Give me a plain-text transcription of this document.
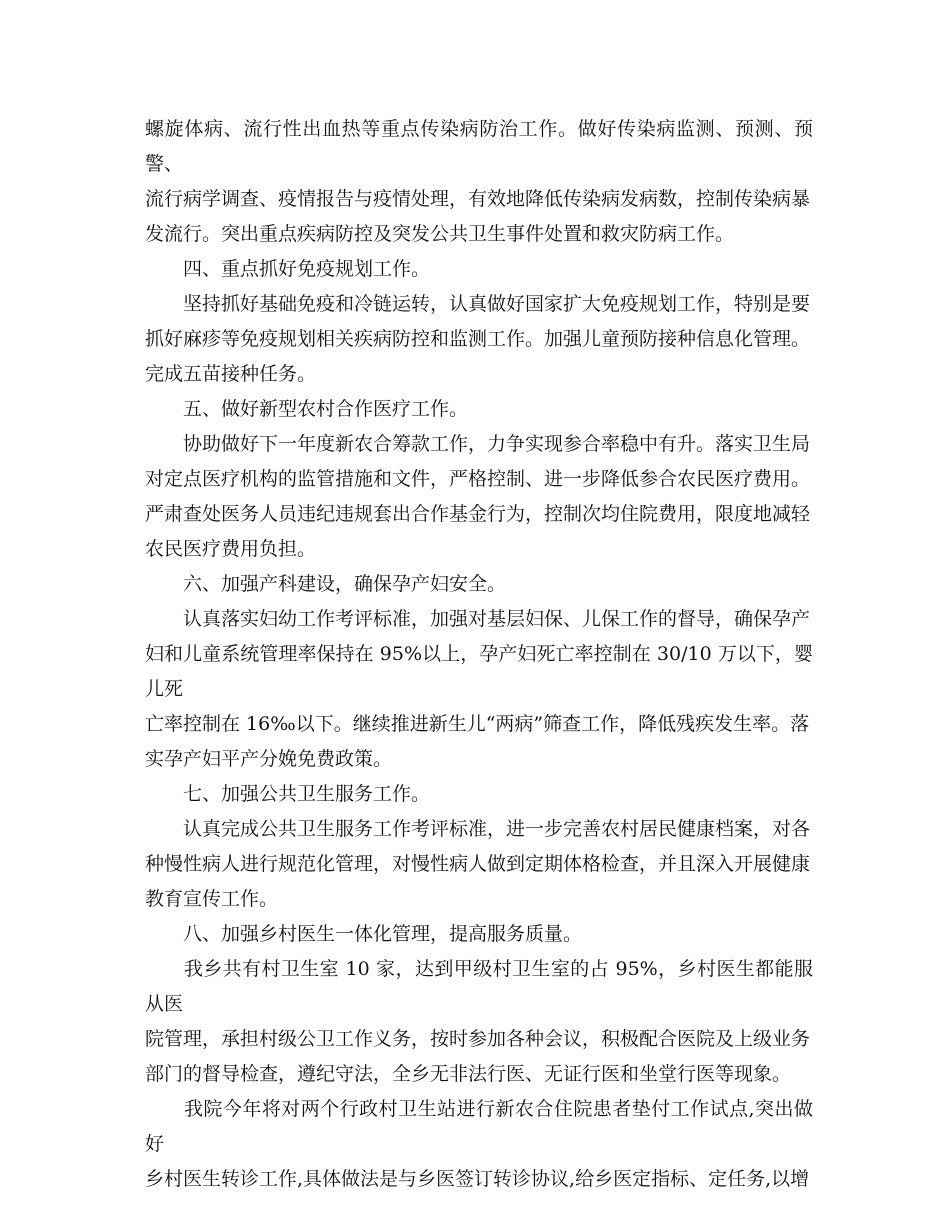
螺旋体病、流行性出血热等重点传染病防治工作。做好传染病监测、预测、预警、

流行病学调查、疫情报告与疫情处理，有效地降低传染病发病数，控制传染病暴

发流行。突出重点疾病防控及突发公共卫生事件处置和救灾防病工作。

　　四、重点抓好免疫规划工作。

　　坚持抓好基础免疫和冷链运转，认真做好国家扩大免疫规划工作，特别是要

抓好麻疹等免疫规划相关疾病防控和监测工作。加强儿童预防接种信息化管理。

完成五苗接种任务。

　　五、做好新型农村合作医疗工作。

　　协助做好下一年度新农合筹款工作，力争实现参合率稳中有升。落实卫生局

对定点医疗机构的监管措施和文件，严格控制、进一步降低参合农民医疗费用。

严肃查处医务人员违纪违规套出合作基金行为，控制次均住院费用，限度地减轻

农民医疗费用负担。

　　六、加强产科建设，确保孕产妇安全。

　　认真落实妇幼工作考评标准，加强对基层妇保、儿保工作的督导，确保孕产

妇和儿童系统管理率保持在 95%以上，孕产妇死亡率控制在 30/10 万以下，婴儿死

亡率控制在 16‰以下。继续推进新生儿“两病”筛查工作，降低残疾发生率。落

实孕产妇平产分娩免费政策。

　　七、加强公共卫生服务工作。

　　认真完成公共卫生服务工作考评标准，进一步完善农村居民健康档案，对各

种慢性病人进行规范化管理，对慢性病人做到定期体格检查，并且深入开展健康

教育宣传工作。

　　八、加强乡村医生一体化管理，提高服务质量。

　　我乡共有村卫生室 10 家，达到甲级村卫生室的占 95%，乡村医生都能服从医

院管理，承担村级公卫工作义务，按时参加各种会议，积极配合医院及上级业务

部门的督导检查，遵纪守法，全乡无非法行医、无证行医和坐堂行医等现象。

　　我院今年将对两个行政村卫生站进行新农合住院患者垫付工作试点,突出做好

乡村医生转诊工作,具体做法是与乡医签订转诊协议,给乡医定指标、定任务,以增
